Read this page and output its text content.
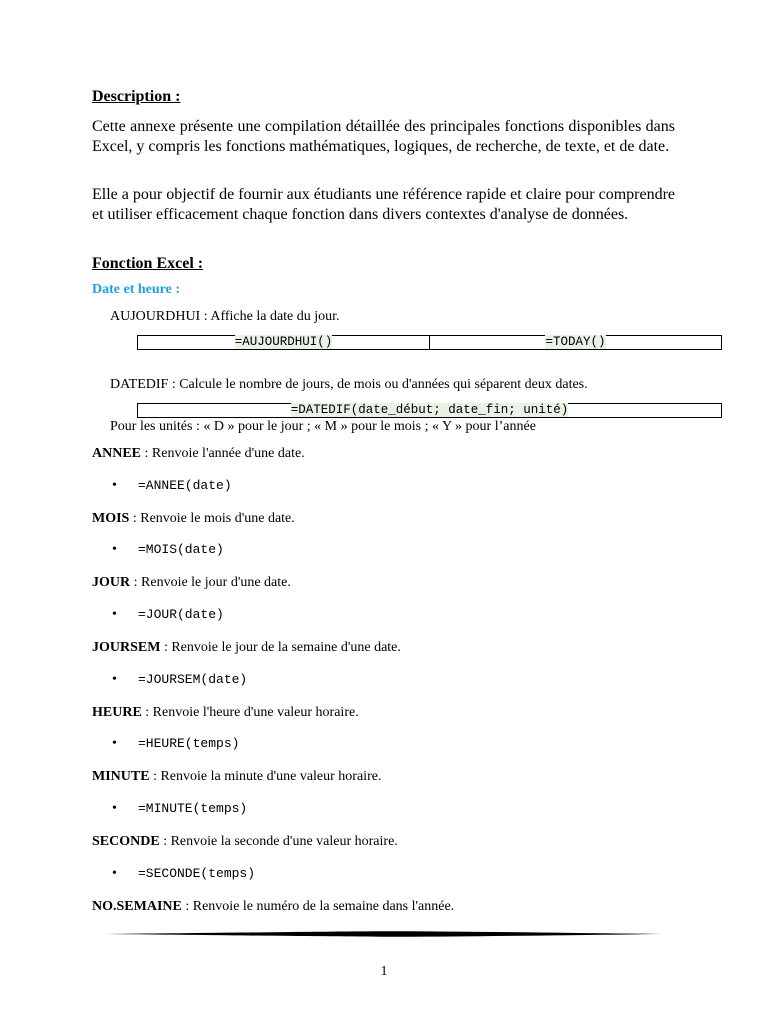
Description :
Cette annexe présente une compilation détaillée des principales fonctions disponibles dans Excel, y compris les fonctions mathématiques, logiques, de recherche, de texte, et de date.
Elle a pour objectif de fournir aux étudiants une référence rapide et claire pour comprendre et utiliser efficacement chaque fonction dans divers contextes d'analyse de données.
Fonction Excel :
Date et heure :
AUJOURDHUI : Affiche la date du jour.
=AUJOURDHUI()	=TODAY()
DATEDIF : Calcule le nombre de jours, de mois ou d'années qui séparent deux dates.
=DATEDIF(date_début; date_fin; unité)
Pour les unités : « D » pour le jour ; « M » pour le mois ; « Y » pour l’année
ANNEE : Renvoie l'année d'une date.
• =ANNEE(date)
MOIS : Renvoie le mois d'une date.
• =MOIS(date)
JOUR : Renvoie le jour d'une date.
• =JOUR(date)
JOURSEM : Renvoie le jour de la semaine d'une date.
• =JOURSEM(date)
HEURE : Renvoie l'heure d'une valeur horaire.
• =HEURE(temps)
MINUTE : Renvoie la minute d'une valeur horaire.
• =MINUTE(temps)
SECONDE : Renvoie la seconde d'une valeur horaire.
• =SECONDE(temps)
NO.SEMAINE : Renvoie le numéro de la semaine dans l'année.
1
